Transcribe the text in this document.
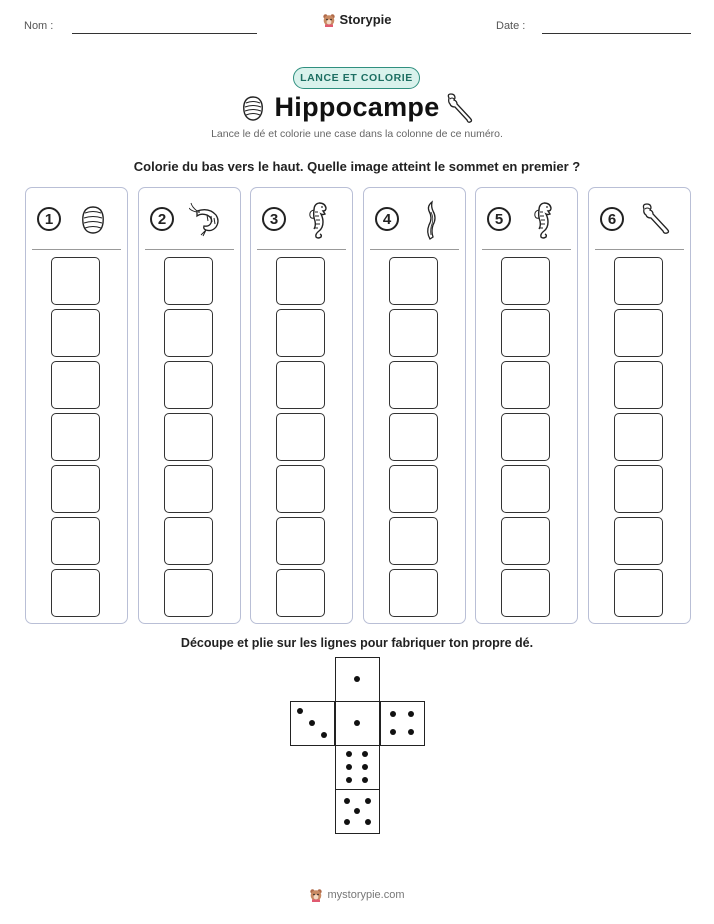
Nom :	Storypie	Date :
LANCE ET COLORIE
Hippocampe
Lance le dé et colorie une case dans la colonne de ce numéro.
Colorie du bas vers le haut. Quelle image atteint le sommet en premier ?
1	2	3	4	5	6
Découpe et plie sur les lignes pour fabriquer ton propre dé.
mystorypie.com
